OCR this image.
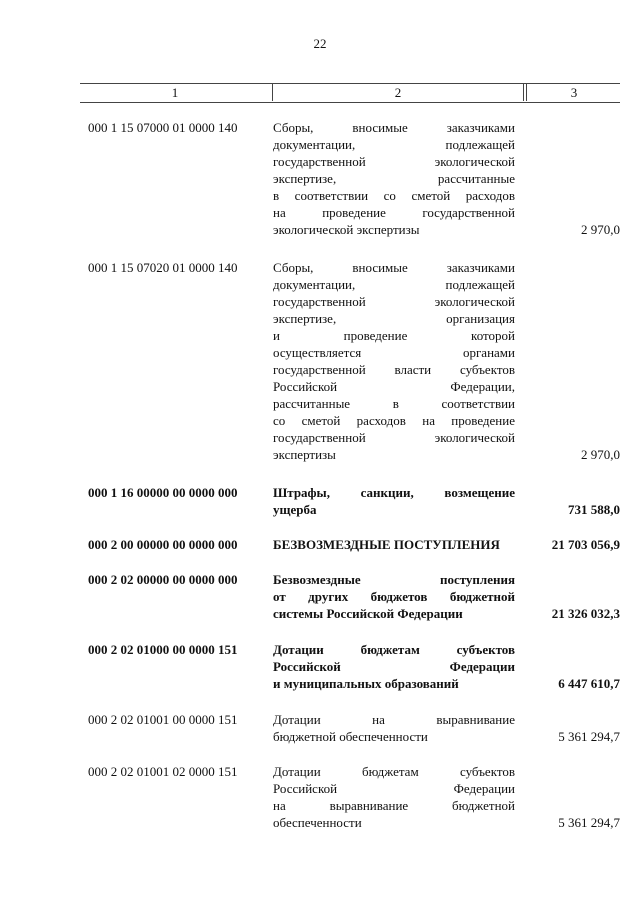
22
1	2	3
000 1 15 07000 01 0000 140	Сборы, вносимые заказчиками
документации, подлежащей
государственной экологической
экспертизе, рассчитанные
в соответствии со сметой расходов
на проведение государственной
экологической экспертизы	2 970,0
000 1 15 07020 01 0000 140	Сборы, вносимые заказчиками
документации, подлежащей
государственной экологической
экспертизе, организация
и проведение которой
осуществляется органами
государственной власти субъектов
Российской Федерации,
рассчитанные в соответствии
со сметой расходов на проведение
государственной экологической
экспертизы	2 970,0
000 1 16 00000 00 0000 000	Штрафы, санкции, возмещение
ущерба	731 588,0
000 2 00 00000 00 0000 000	БЕЗВОЗМЕЗДНЫЕ ПОСТУПЛЕНИЯ	21 703 056,9
000 2 02 00000 00 0000 000	Безвозмездные поступления
от других бюджетов бюджетной
системы Российской Федерации	21 326 032,3
000 2 02 01000 00 0000 151	Дотации бюджетам субъектов
Российской Федерации
и муниципальных образований	6 447 610,7
000 2 02 01001 00 0000 151	Дотации на выравнивание
бюджетной обеспеченности	5 361 294,7
000 2 02 01001 02 0000 151	Дотации бюджетам субъектов
Российской Федерации
на выравнивание бюджетной
обеспеченности	5 361 294,7
